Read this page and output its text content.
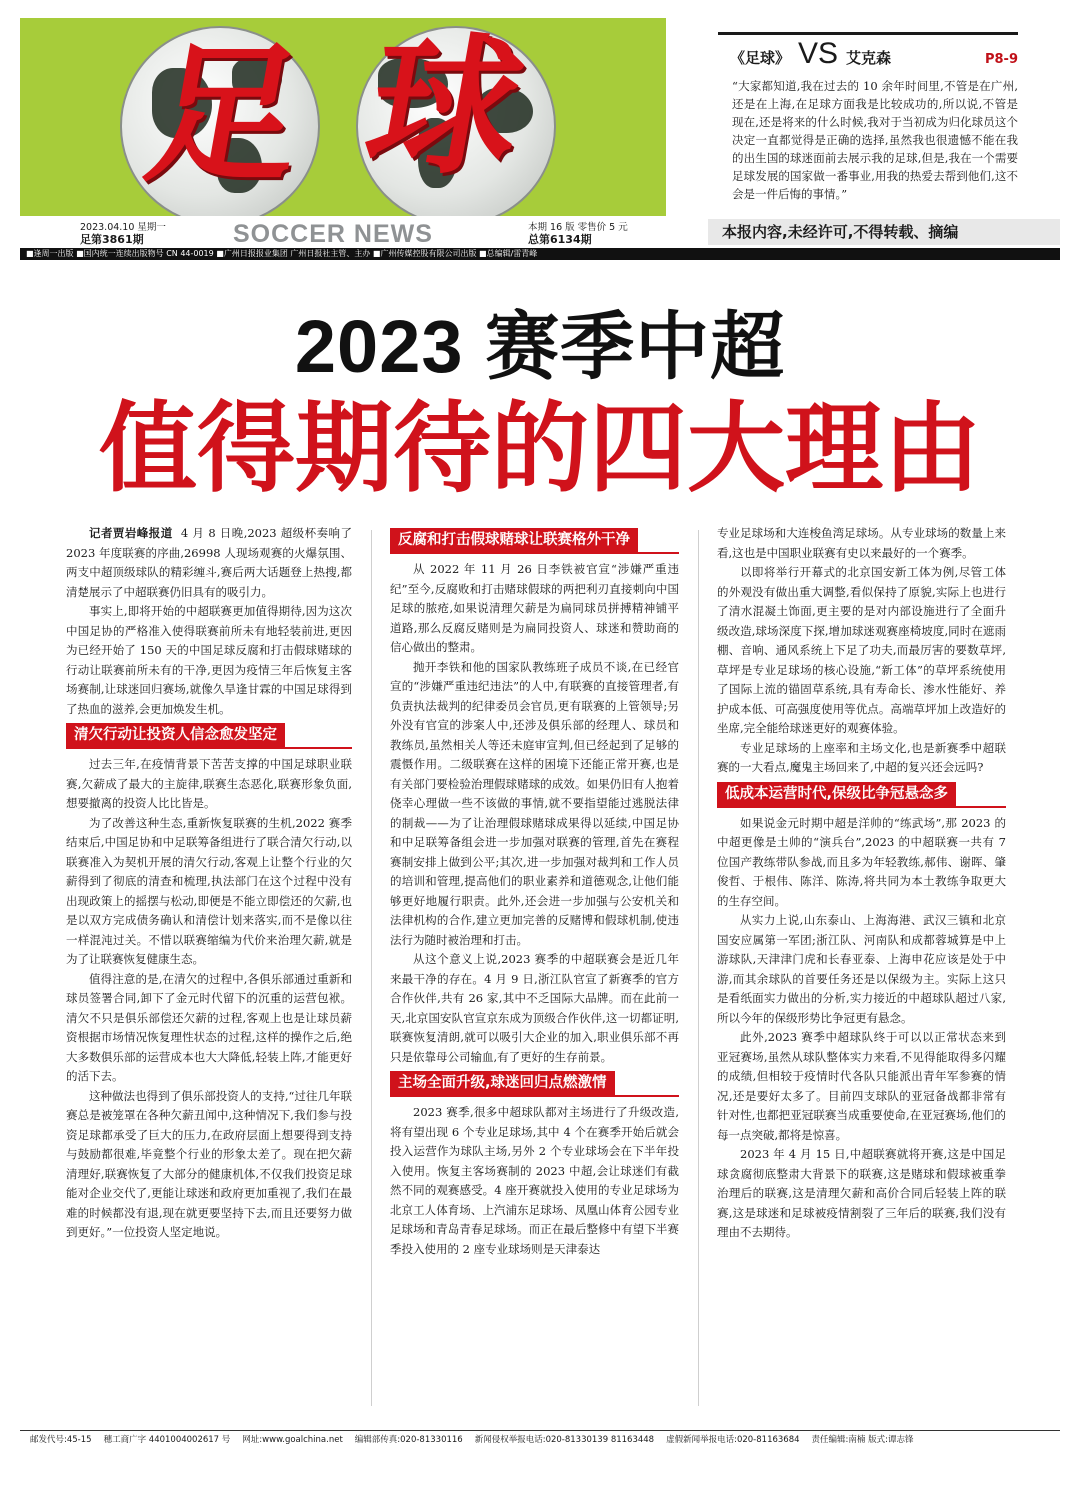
足 球	《足球》 VS 艾克森	P8-9
“大家都知道,我在过去的 10 余年时间里,不管是在广州,还是在上海,在足球方面我是比较成功的,所以说,不管是现在,还是将来的什么时候,我对于当初成为归化球员这个决定一直都觉得是正确的选择,虽然我也很遗憾不能在我的出生国的球迷面前去展示我的足球,但是,我在一个需要足球发展的国家做一番事业,用我的热爱去帮到他们,这不会是一件后悔的事情。”
2023.04.10 星期一
足第3861期	SOCCER NEWS	本期 16 版 零售价 5 元
总第6134期	本报内容,未经许可,不得转载、摘编
■逢周一出版 ■国内统一连续出版物号 CN 44-0019 ■广州日报报业集团 广州日报社主管、主办 ■广州传媒控股有限公司出版 ■总编辑/雷青峰
2023 赛季中超
值得期待的四大理由

记者贾岩峰报道 4 月 8 日晚,2023 超级杯奏响了 2023 年度联赛的序曲,26998 人现场观赛的火爆氛围、两支中超顶级球队的精彩缠斗,赛后两大话题登上热搜,都清楚展示了中超联赛仍旧具有的吸引力。

事实上,即将开始的中超联赛更加值得期待,因为这次中国足协的严格准入使得联赛前所未有地轻装前进,更因为已经开始了 150 天的中国足球反腐和打击假球赌球的行动让联赛前所未有的干净,更因为疫情三年后恢复主客场赛制,让球迷回归赛场,就像久旱逢甘霖的中国足球得到了热血的滋养,会更加焕发生机。

清欠行动让投资人信念愈发坚定

过去三年,在疫情背景下苦苦支撑的中国足球职业联赛,欠薪成了最大的主旋律,联赛生态恶化,联赛形象负面,想要撤离的投资人比比皆是。

为了改善这种生态,重新恢复联赛的生机,2022 赛季结束后,中国足协和中足联筹备组进行了联合清欠行动,以联赛准入为契机开展的清欠行动,客观上让整个行业的欠薪得到了彻底的清查和梳理,执法部门在这个过程中没有出现政策上的摇摆与松动,即便是不能立即偿还的欠薪,也是以双方完成债务确认和清偿计划来落实,而不是像以往一样混沌过关。不惜以联赛缩编为代价来治理欠薪,就是为了让联赛恢复健康生态。

值得注意的是,在清欠的过程中,各俱乐部通过重新和球员签署合同,卸下了金元时代留下的沉重的运营包袱。清欠不只是俱乐部偿还欠薪的过程,客观上也是让球员薪资根据市场情况恢复理性状态的过程,这样的操作之后,绝大多数俱乐部的运营成本也大大降低,轻装上阵,才能更好的活下去。

这种做法也得到了俱乐部投资人的支持,“过往几年联赛总是被笼罩在各种欠薪丑闻中,这种情况下,我们参与投资足球都承受了巨大的压力,在政府层面上想要得到支持与鼓励都很难,毕竟整个行业的形象太差了。现在把欠薪清理好,联赛恢复了大部分的健康机体,不仅我们投资足球能对企业交代了,更能让球迷和政府更加重视了,我们在最难的时候都没有退,现在就更要坚持下去,而且还要努力做到更好。”一位投资人坚定地说。

反腐和打击假球赌球让联赛格外干净

从 2022 年 11 月 26 日李铁被官宣“涉嫌严重违纪”至今,反腐败和打击赌球假球的两把利刃直接刺向中国足球的脓疮,如果说清理欠薪是为扁同球员拼搏精神铺平道路,那么反腐反赌则是为扁同投资人、球迷和赞助商的信心做出的整肃。

抛开李铁和他的国家队教练班子成员不谈,在已经官宣的“涉嫌严重违纪违法”的人中,有联赛的直接管理者,有负责执法裁判的纪律委员会官员,更有联赛的上管领导;另外没有官宣的涉案人中,还涉及俱乐部的经理人、球员和教练员,虽然相关人等还未庭审宣判,但已经起到了足够的震慑作用。二级联赛在这样的困境下还能正常开赛,也是有关部门要检验治理假球赌球的成效。如果仍旧有人抱着侥幸心理做一些不该做的事情,就不要指望能过逃脱法律的制裁——为了让治理假球赌球成果得以延续,中国足协和中足联筹备组会进一步加强对联赛的管理,首先在赛程赛制安排上做到公平;其次,进一步加强对裁判和工作人员的培训和管理,提高他们的职业素养和道德观念,让他们能够更好地履行职责。此外,还会进一步加强与公安机关和法律机构的合作,建立更加完善的反赌博和假球机制,使违法行为随时被治理和打击。

从这个意义上说,2023 赛季的中超联赛会是近几年来最干净的存在。4 月 9 日,浙江队官宣了新赛季的官方合作伙伴,共有 26 家,其中不乏国际大品牌。而在此前一天,北京国安队官宣京东成为顶级合作伙伴,这一切都证明,联赛恢复清朗,就可以吸引大企业的加入,职业俱乐部不再只是依靠母公司输血,有了更好的生存前景。

主场全面升级,球迷回归点燃激情

2023 赛季,很多中超球队都对主场进行了升级改造,将有望出现 6 个专业足球场,其中 4 个在赛季开始后就会投入运营作为球队主场,另外 2 个专业球场会在下半年投入使用。恢复主客场赛制的 2023 中超,会让球迷们有截然不同的观赛感受。4 座开赛就投入使用的专业足球场为北京工人体育场、上汽浦东足球场、凤凰山体育公园专业足球场和青岛青春足球场。而正在最后整修中有望下半赛季投入使用的 2 座专业球场则是天津泰达

专业足球场和大连梭鱼湾足球场。从专业球场的数量上来看,这也是中国职业联赛有史以来最好的一个赛季。

以即将举行开幕式的北京国安新工体为例,尽管工体的外观没有做出重大调整,看似保持了原貌,实际上也进行了清水混凝土饰面,更主要的是对内部设施进行了全面升级改造,球场深度下探,增加球迷观赛座椅坡度,同时在遮雨棚、音响、通风系统上下足了功夫,而最厉害的要数草坪,草坪是专业足球场的核心设施,“新工体”的草坪系统使用了国际上流的锚固草系统,具有寿命长、渗水性能好、养护成本低、可高强度使用等优点。高端草坪加上改造好的坐席,完全能给球迷更好的观赛体验。

专业足球场的上座率和主场文化,也是新赛季中超联赛的一大看点,魔鬼主场回来了,中超的复兴还会远吗?

低成本运营时代,保级比争冠悬念多

如果说金元时期中超是洋帅的“练武场”,那 2023 的中超更像是土帅的“演兵台”,2023 的中超联赛一共有 7 位国产教练带队参战,而且多为年轻教练,郝伟、谢晖、肇俊哲、于根伟、陈洋、陈涛,将共同为本土教练争取更大的生存空间。

从实力上说,山东泰山、上海海港、武汉三镇和北京国安应属第一军团;浙江队、河南队和成都蓉城算是中上游球队,天津津门虎和长春亚泰、上海申花应该是处于中游,而其余球队的首要任务还是以保级为主。实际上这只是看纸面实力做出的分析,实力接近的中超球队超过八家,所以今年的保级形势比争冠更有悬念。

此外,2023 赛季中超球队终于可以以正常状态来到亚冠赛场,虽然从球队整体实力来看,不见得能取得多闪耀的成绩,但相较于疫情时代各队只能派出青年军参赛的情况,还是要好太多了。目前四支球队的亚冠备战都非常有针对性,也都把亚冠联赛当成重要使命,在亚冠赛场,他们的每一点突破,都将是惊喜。

2023 年 4 月 15 日,中超联赛就将开赛,这是中国足球贪腐彻底整肃大背景下的联赛,这是赌球和假球被重拳治理后的联赛,这是清理欠薪和高价合同后轻装上阵的联赛,这是球迷和足球被疫情割裂了三年后的联赛,我们没有理由不去期待。

邮发代号:45-15 穗工商广字 4401004002617 号 网址:www.goalchina.net 编辑部传真:020-81330116 新闻侵权举报电话:020-81330139 81163448 虚假新闻举报电话:020-81163684 责任编辑:南楠 版式:谭志锋
